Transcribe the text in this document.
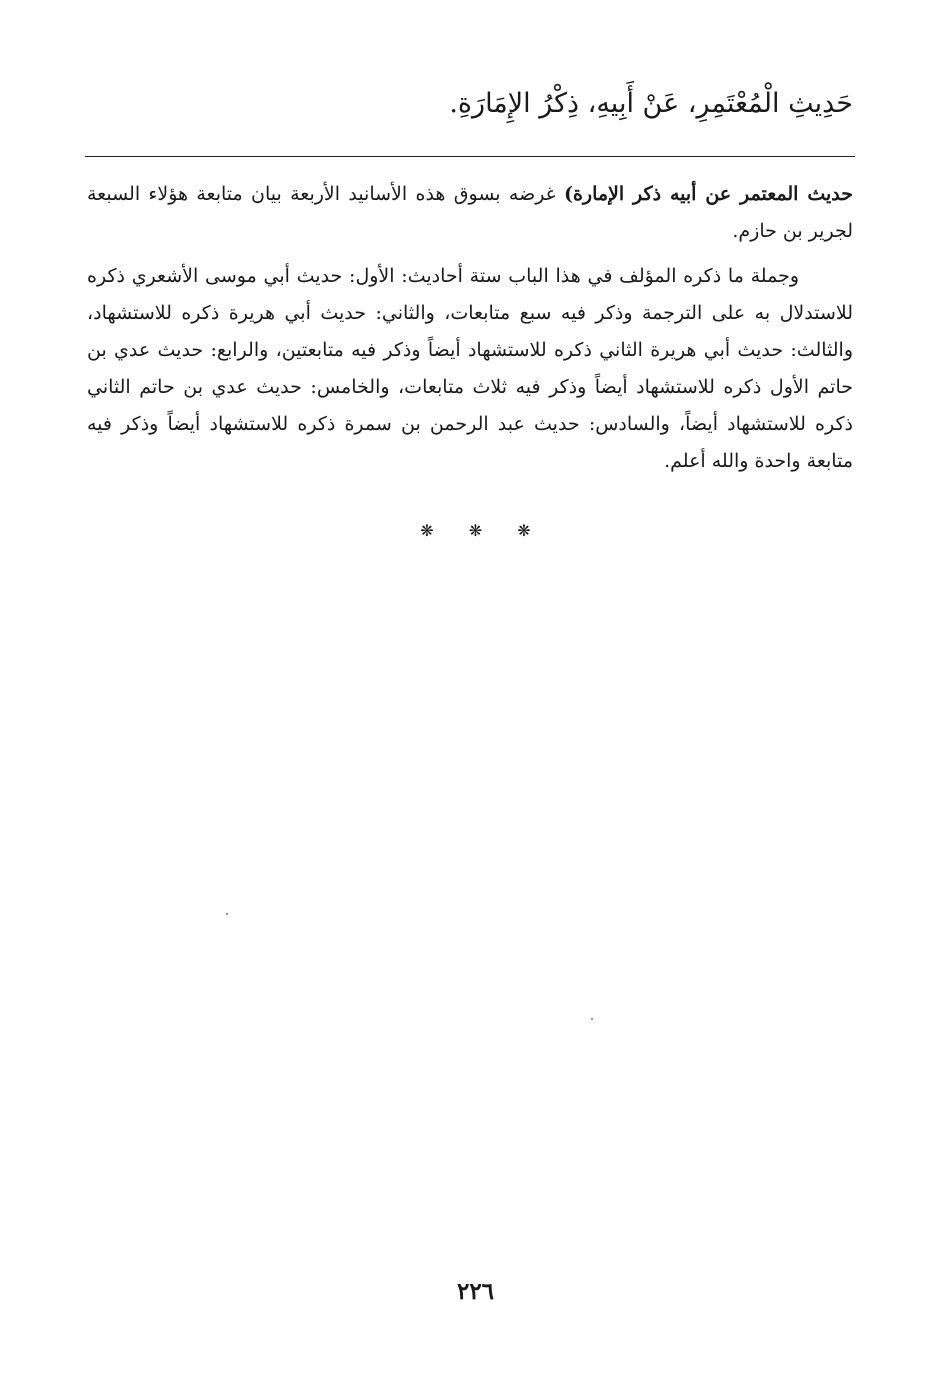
حَدِيثِ الْمُعْتَمِرِ، عَنْ أَبِيهِ، ذِكْرُ الإِمَارَةِ.

حديث المعتمر عن أبيه ذكر الإمارة) غرضه بسوق هذه الأسانيد الأربعة بيان متابعة هؤلاء السبعة لجرير بن حازم.

وجملة ما ذكره المؤلف في هذا الباب ستة أحاديث: الأول: حديث أبي موسى الأشعري ذكره للاستدلال به على الترجمة وذكر فيه سبع متابعات، والثاني: حديث أبي هريرة ذكره للاستشهاد، والثالث: حديث أبي هريرة الثاني ذكره للاستشهاد أيضاً وذكر فيه متابعتين، والرابع: حديث عدي بن حاتم الأول ذكره للاستشهاد أيضاً وذكر فيه ثلاث متابعات، والخامس: حديث عدي بن حاتم الثاني ذكره للاستشهاد أيضاً، والسادس: حديث عبد الرحمن بن سمرة ذكره للاستشهاد أيضاً وذكر فيه متابعة واحدة والله أعلم.

❋ ❋ ❋
٢٢٦
